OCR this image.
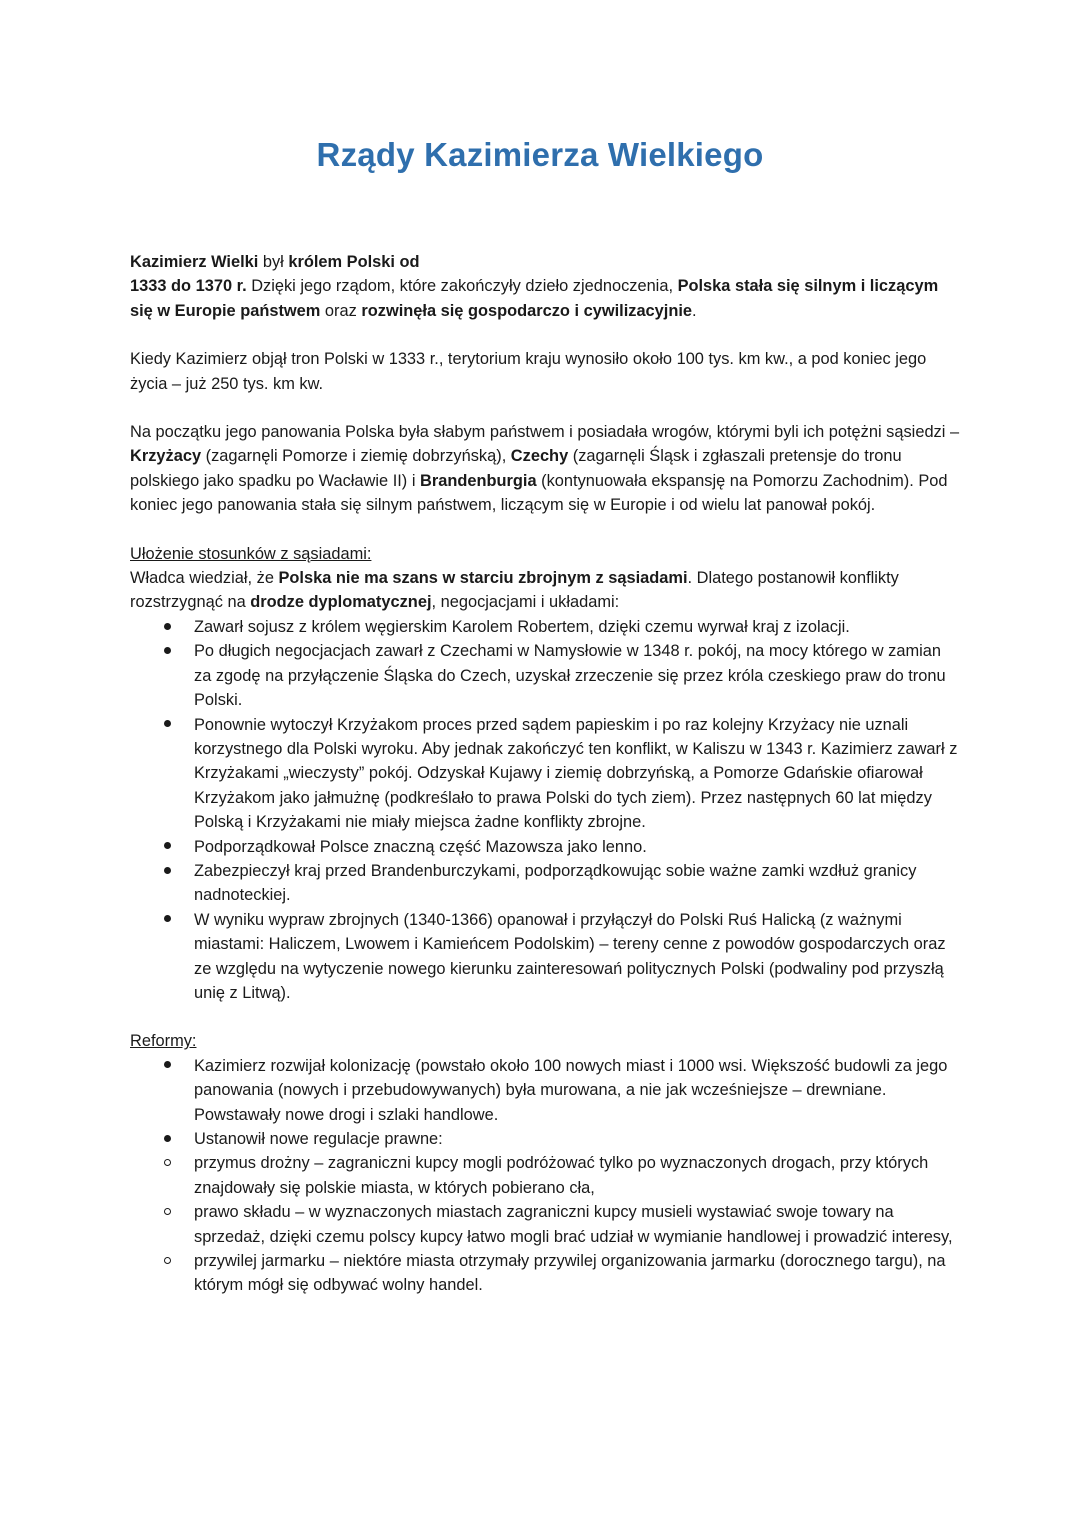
Rządy Kazimierza Wielkiego

Kazimierz Wielki był królem Polski od
1333 do 1370 r. Dzięki jego rządom, które zakończyły dzieło zjednoczenia, Polska stała się silnym i liczącym się w Europie państwem oraz rozwinęła się gospodarczo i cywilizacyjnie.

Kiedy Kazimierz objął tron Polski w 1333 r., terytorium kraju wynosiło około 100 tys. km kw., a pod koniec jego życia – już 250 tys. km kw.

Na początku jego panowania Polska była słabym państwem i posiadała wrogów, którymi byli ich potężni sąsiedzi – Krzyżacy (zagarnęli Pomorze i ziemię dobrzyńską), Czechy (zagarnęli Śląsk i zgłaszali pretensje do tronu polskiego jako spadku po Wacławie II) i Brandenburgia (kontynuowała ekspansję na Pomorzu Zachodnim). Pod koniec jego panowania stała się silnym państwem, liczącym się w Europie i od wielu lat panował pokój.

Ułożenie stosunków z sąsiadami:

Władca wiedział, że Polska nie ma szans w starciu zbrojnym z sąsiadami. Dlatego postanowił konflikty rozstrzygnąć na drodze dyplomatycznej, negocjacjami i układami:

Zawarł sojusz z królem węgierskim Karolem Robertem, dzięki czemu wyrwał kraj z izolacji.
Po długich negocjacjach zawarł z Czechami w Namysłowie w 1348 r. pokój, na mocy którego w zamian za zgodę na przyłączenie Śląska do Czech, uzyskał zrzeczenie się przez króla czeskiego praw do tronu Polski.
Ponownie wytoczył Krzyżakom proces przed sądem papieskim i po raz kolejny Krzyżacy nie uznali korzystnego dla Polski wyroku. Aby jednak zakończyć ten konflikt, w Kaliszu w 1343 r. Kazimierz zawarł z Krzyżakami „wieczysty” pokój. Odzyskał Kujawy i ziemię dobrzyńską, a Pomorze Gdańskie ofiarował Krzyżakom jako jałmużnę (podkreślało to prawa Polski do tych ziem). Przez następnych 60 lat między Polską i Krzyżakami nie miały miejsca żadne konflikty zbrojne.
Podporządkował Polsce znaczną część Mazowsza jako lenno.
Zabezpieczył kraj przed Brandenburczykami, podporządkowując sobie ważne zamki wzdłuż granicy nadnoteckiej.
W wyniku wypraw zbrojnych (1340-1366) opanował i przyłączył do Polski Ruś Halicką (z ważnymi miastami: Haliczem, Lwowem i Kamieńcem Podolskim) – tereny cenne z powodów gospodarczych oraz ze względu na wytyczenie nowego kierunku zainteresowań politycznych Polski (podwaliny pod przyszłą unię z Litwą).

Reformy:

Kazimierz rozwijał kolonizację (powstało około 100 nowych miast i 1000 wsi. Większość budowli za jego panowania (nowych i przebudowywanych) była murowana, a nie jak wcześniejsze – drewniane. Powstawały nowe drogi i szlaki handlowe.
Ustanowił nowe regulacje prawne:
przymus drożny – zagraniczni kupcy mogli podróżować tylko po wyznaczonych drogach, przy których znajdowały się polskie miasta, w których pobierano cła,
prawo składu – w wyznaczonych miastach zagraniczni kupcy musieli wystawiać swoje towary na sprzedaż, dzięki czemu polscy kupcy łatwo mogli brać udział w wymianie handlowej i prowadzić interesy,
przywilej jarmarku – niektóre miasta otrzymały przywilej organizowania jarmarku (dorocznego targu), na którym mógł się odbywać wolny handel.
